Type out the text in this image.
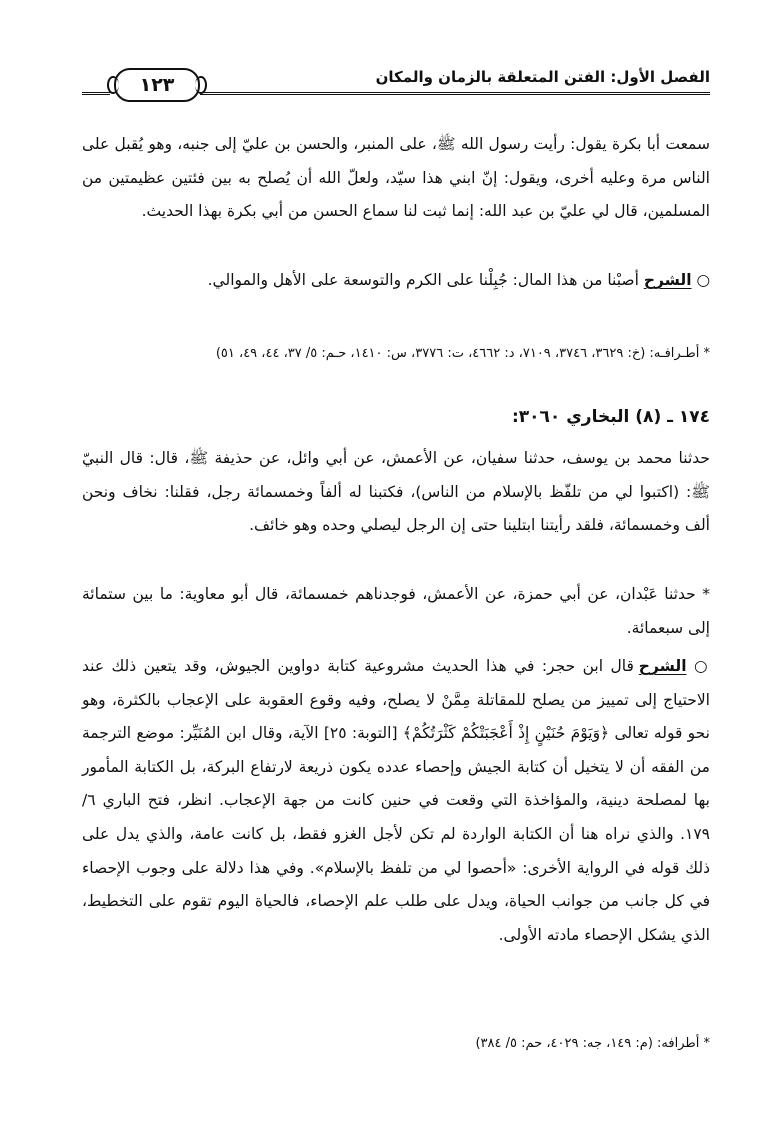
الفصل الأول: الفتن المتعلقة بالزمان والمكان
١٢٣
سمعت أبا بكرة يقول: رأيت رسول الله ﷺ، على المنبر، والحسن بن عليّ إلى جنبه، وهو يُقبل على الناس مرة وعليه أخرى، ويقول: إنّ ابني هذا سيّد، ولعلّ الله أن يُصلح به بين فئتين عظيمتين من المسلمين، قال لي عليّ بن عبد الله: إنما ثبت لنا سماع الحسن من أبي بكرة بهذا الحديث.
○ الشرح أصبْنا من هذا المال: جُبِلْنا على الكرم والتوسعة على الأهل والموالي.
* أطـرافـه: (خ: ٣٦٢٩، ٣٧٤٦، ٧١٠٩، د: ٤٦٦٢، ت: ٣٧٧٦، س: ١٤١٠، حـم: ٥/ ٣٧، ٤٤، ٤٩، ٥١)
١٧٤ ـ (٨) البخاري ٣٠٦٠:
حدثنا محمد بن يوسف، حدثنا سفيان، عن الأعمش، عن أبي وائل، عن حذيفة ﷺ، قال: قال النبيّ ﷺ: (اكتبوا لي من تلفّظ بالإسلام من الناس)، فكتبنا له ألفاً وخمسمائة رجل، فقلنا: نخاف ونحن ألف وخمسمائة، فلقد رأيتنا ابتلينا حتى إن الرجل ليصلي وحده وهو خائف.
* حدثنا عَبْدان، عن أبي حمزة، عن الأعمش، فوجدناهم خمسمائة، قال أبو معاوية: ما بين ستمائة إلى سبعمائة.
○ الشرح قال ابن حجر: في هذا الحديث مشروعية كتابة دواوين الجيوش، وقد يتعين ذلك عند الاحتياج إلى تمييز من يصلح للمقاتلة مِمَّنْ لا يصلح، وفيه وقوع العقوبة على الإعجاب بالكثرة، وهو نحو قوله تعالى ﴿وَيَوْمَ حُنَيْنٍ إِذْ أَعْجَبَتْكُمْ كَثْرَتُكُمْ﴾ [التوبة: ٢٥] الآية، وقال ابن المُنَيِّر: موضع الترجمة من الفقه أن لا يتخيل أن كتابة الجيش وإحصاء عدده يكون ذريعة لارتفاع البركة، بل الكتابة المأمور بها لمصلحة دينية، والمؤاخذة التي وقعت في حنين كانت من جهة الإعجاب. انظر، فتح الباري ٦/ ١٧٩. والذي نراه هنا أن الكتابة الواردة لم تكن لأجل الغزو فقط، بل كانت عامة، والذي يدل على ذلك قوله في الرواية الأخرى: «أحصوا لي من تلفظ بالإسلام». وفي هذا دلالة على وجوب الإحصاء في كل جانب من جوانب الحياة، ويدل على طلب علم الإحصاء، فالحياة اليوم تقوم على التخطيط، الذي يشكل الإحصاء مادته الأولى.
* أطرافه: (م: ١٤٩، جه: ٤٠٢٩، حم: ٥/ ٣٨٤)
